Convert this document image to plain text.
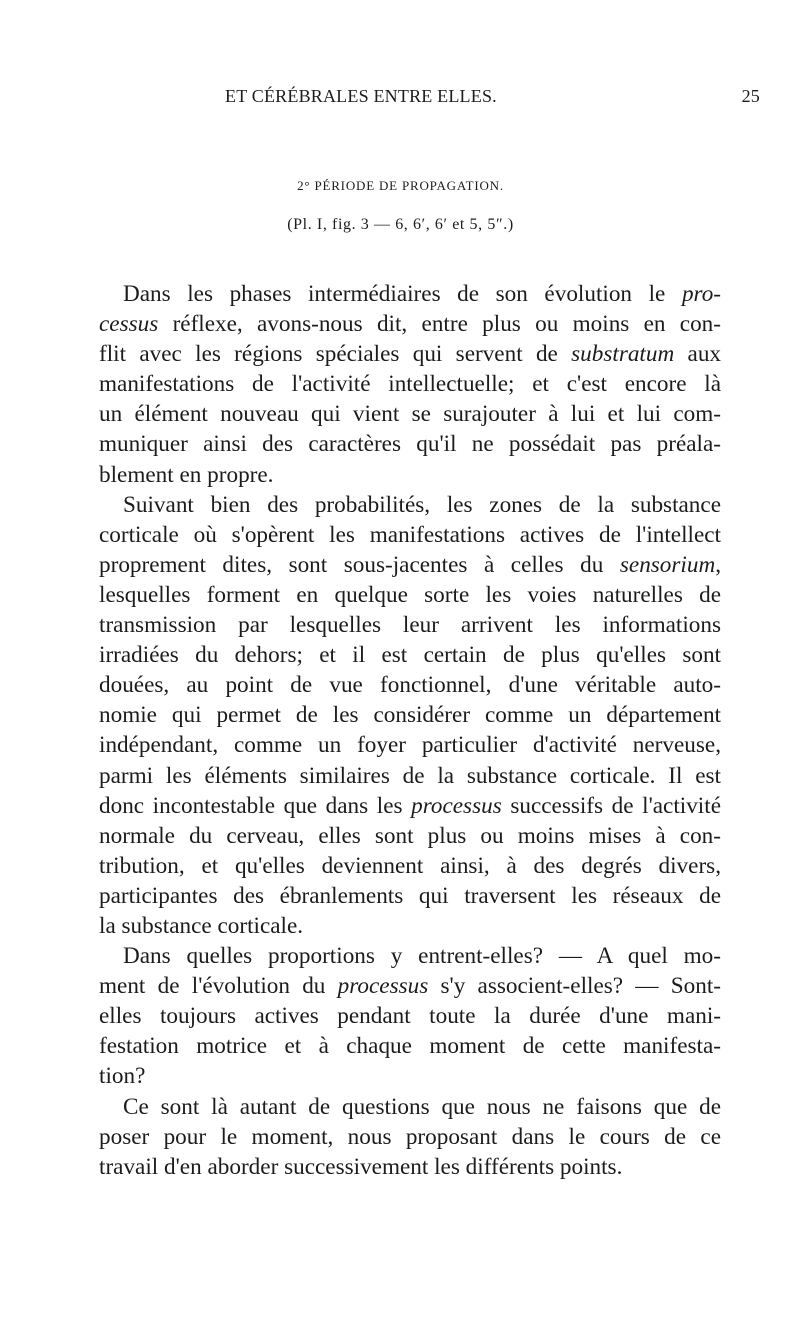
ET CÉRÉBRALES ENTRE ELLES.	25
2° PÉRIODE DE PROPAGATION.
(Pl. I, fig. 3 — 6, 6′, 6′ et 5, 5″.)
Dans les phases intermédiaires de son évolution le pro-
cessus réflexe, avons-nous dit, entre plus ou moins en con-
flit avec les régions spéciales qui servent de substratum aux
manifestations de l'activité intellectuelle; et c'est encore là
un élément nouveau qui vient se surajouter à lui et lui com-
muniquer ainsi des caractères qu'il ne possédait pas préala-
blement en propre.
Suivant bien des probabilités, les zones de la substance
corticale où s'opèrent les manifestations actives de l'intellect
proprement dites, sont sous-jacentes à celles du sensorium,
lesquelles forment en quelque sorte les voies naturelles de
transmission par lesquelles leur arrivent les informations
irradiées du dehors; et il est certain de plus qu'elles sont
douées, au point de vue fonctionnel, d'une véritable auto-
nomie qui permet de les considérer comme un département
indépendant, comme un foyer particulier d'activité nerveuse,
parmi les éléments similaires de la substance corticale. Il est
donc incontestable que dans les processus successifs de l'activité
normale du cerveau, elles sont plus ou moins mises à con-
tribution, et qu'elles deviennent ainsi, à des degrés divers,
participantes des ébranlements qui traversent les réseaux de
la substance corticale.
Dans quelles proportions y entrent-elles? — A quel mo-
ment de l'évolution du processus s'y associent-elles? — Sont-
elles toujours actives pendant toute la durée d'une mani-
festation motrice et à chaque moment de cette manifesta-
tion?
Ce sont là autant de questions que nous ne faisons que de
poser pour le moment, nous proposant dans le cours de ce
travail d'en aborder successivement les différents points.
